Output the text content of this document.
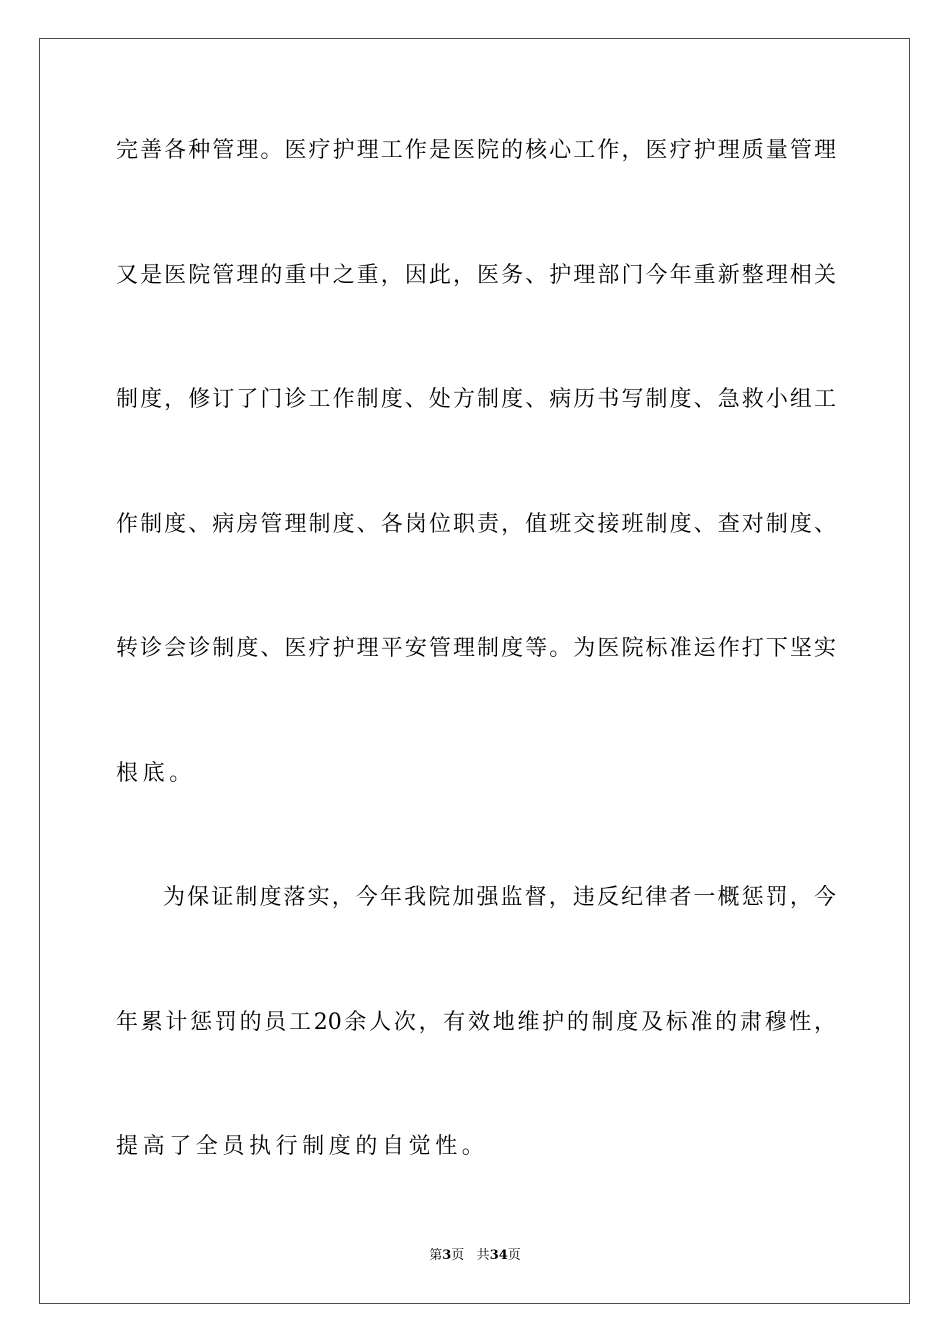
完善各种管理。医疗护理工作是医院的核心工作，医疗护理质量管理
又是医院管理的重中之重，因此，医务、护理部门今年重新整理相关
制度，修订了门诊工作制度、处方制度、病历书写制度、急救小组工
作制度、病房管理制度、各岗位职责，值班交接班制度、查对制度、
转诊会诊制度、医疗护理平安管理制度等。为医院标准运作打下坚实
根底。
为保证制度落实，今年我院加强监督，违反纪律者一概惩罚，今
年累计惩罚的员工20余人次，有效地维护的制度及标准的肃穆性，
提高了全员执行制度的自觉性。
第3页 共34页
